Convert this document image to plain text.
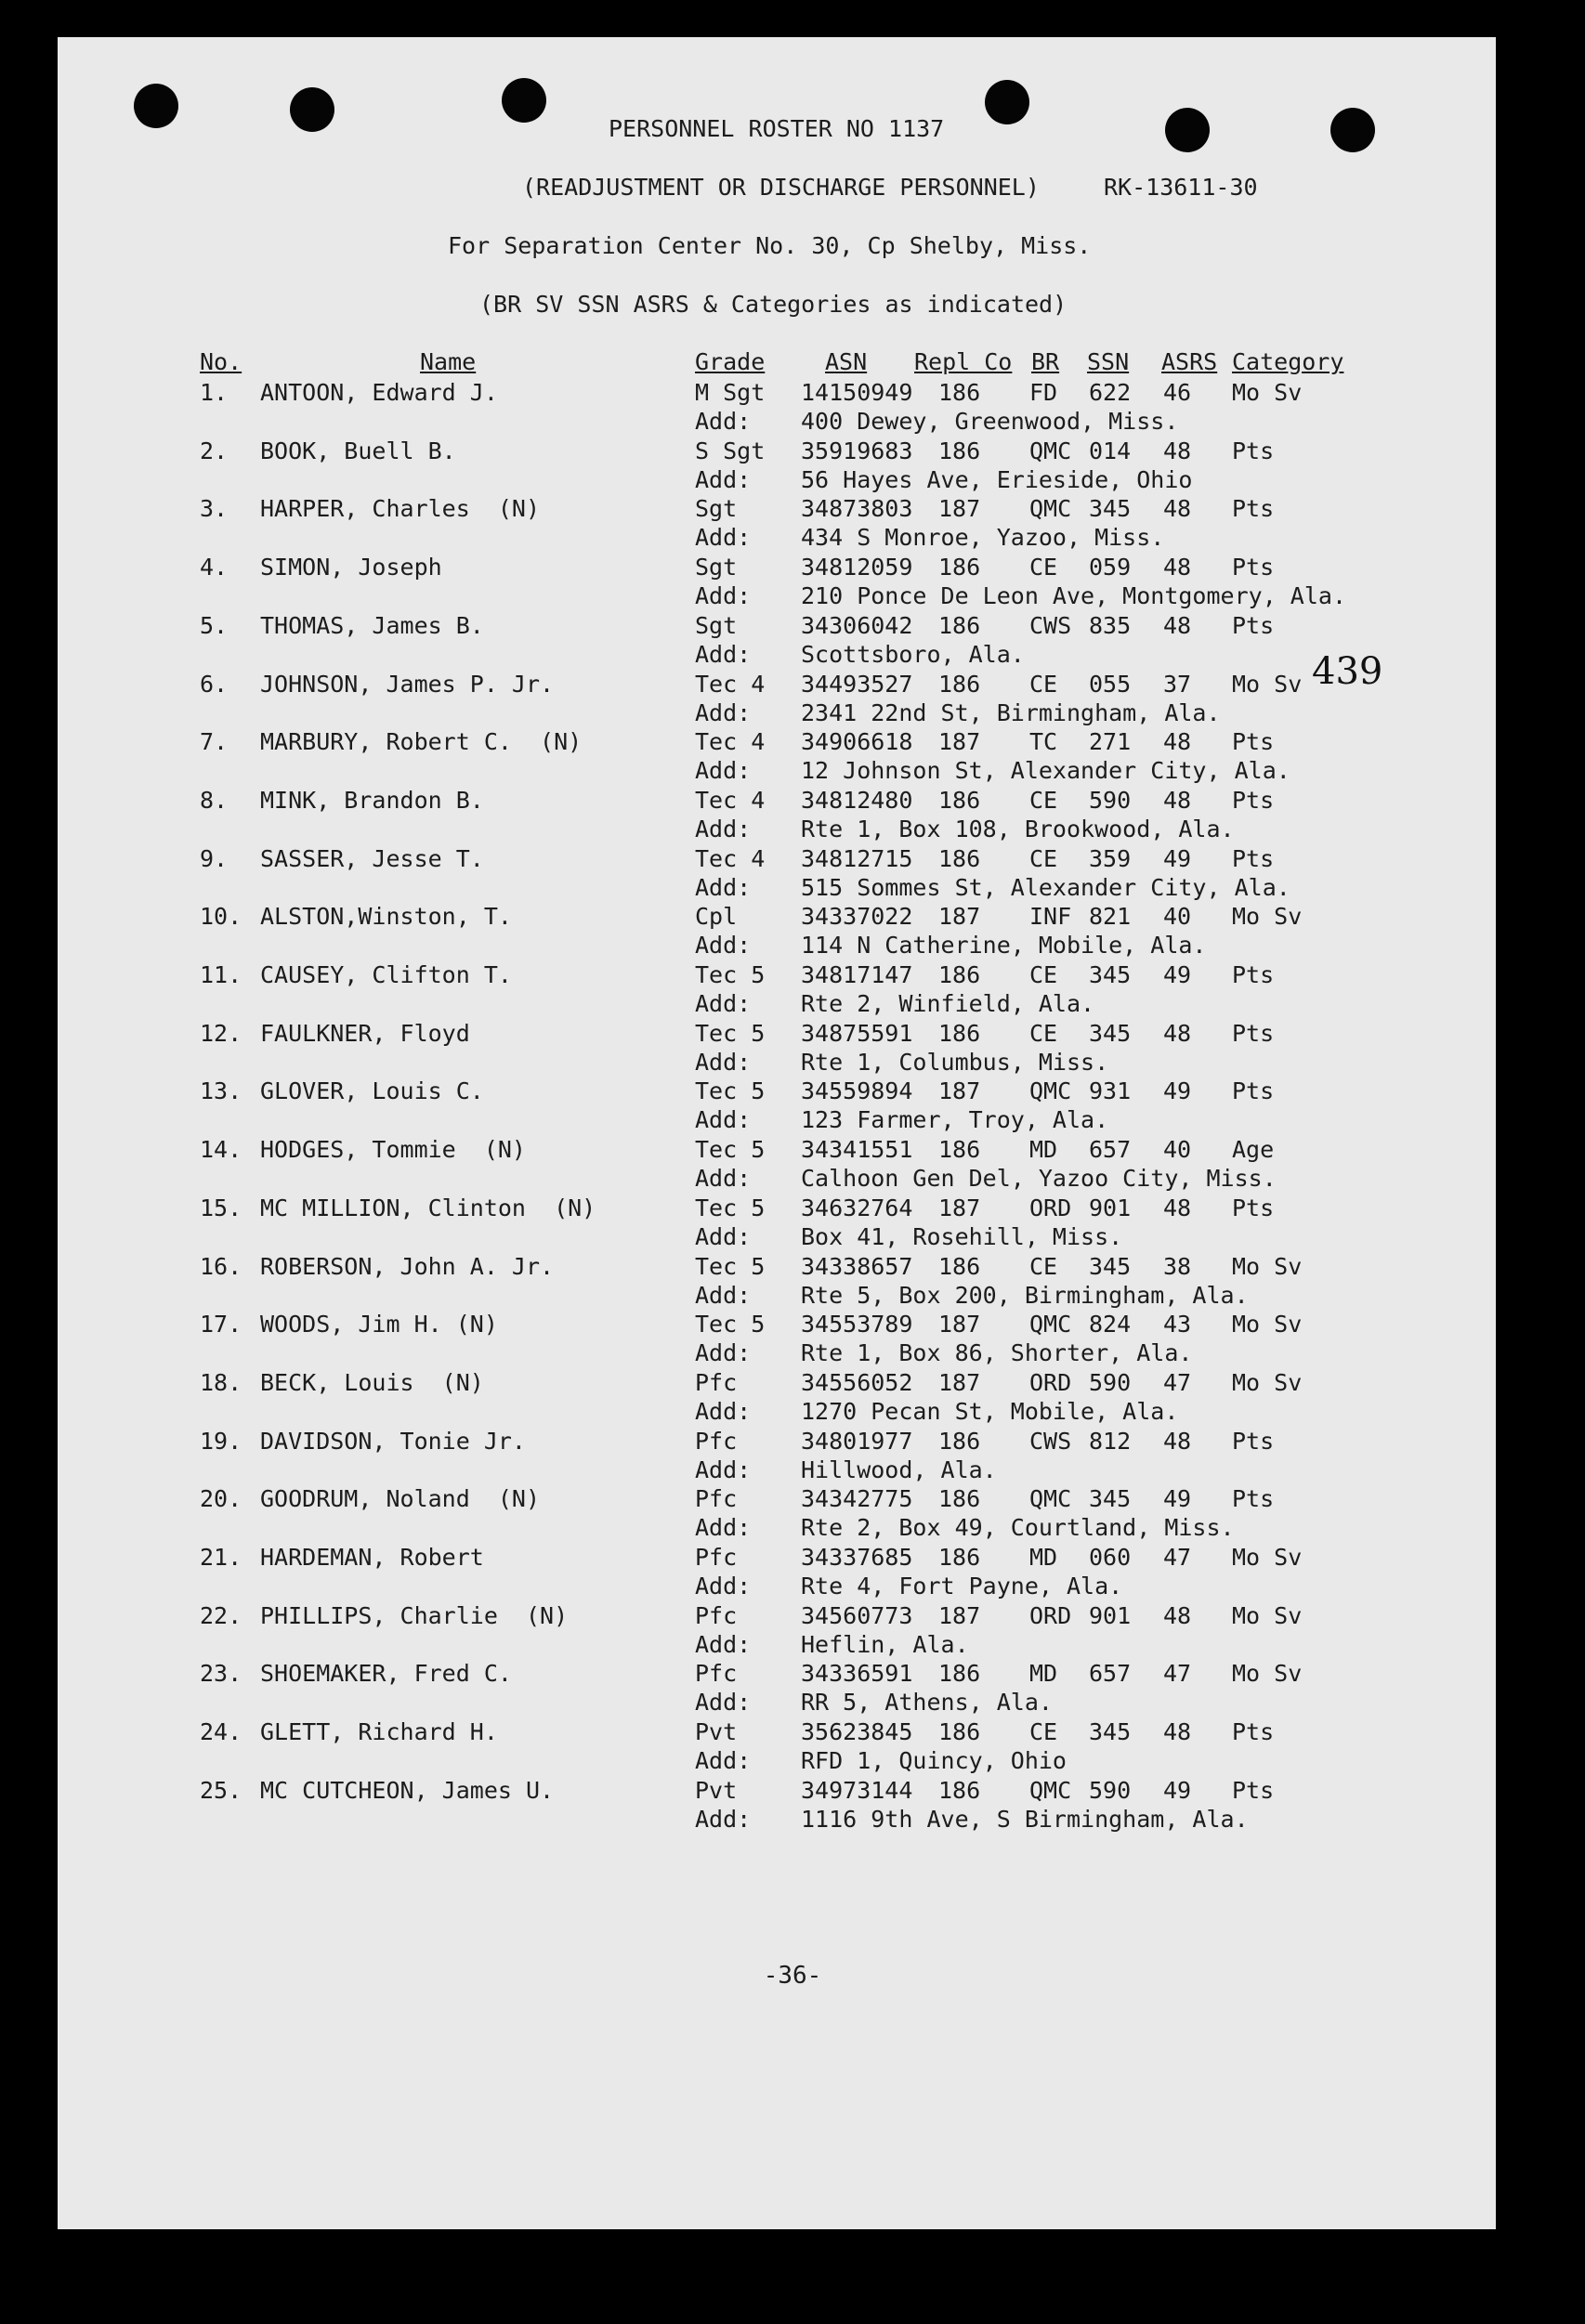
PERSONNEL ROSTER NO 1137
(READJUSTMENT OR DISCHARGE PERSONNEL)	RK-13611-30
For Separation Center No. 30, Cp Shelby, Miss.
(BR SV SSN ASRS & Categories as indicated)
No.	Name	Grade	ASN Repl Co BR SSN ASRS Category
1. ANTOON, Edward J.	M Sgt 14150949 186 FD 622 46 Mo Sv
Add: 400 Dewey, Greenwood, Miss.
2. BOOK, Buell B.	S Sgt 35919683 186 QMC 014 48 Pts
Add: 56 Hayes Ave, Erieside, Ohio
3. HARPER, Charles  (N)	Sgt	34873803 187 QMC 345 48 Pts
Add: 434 S Monroe, Yazoo, Miss.
4. SIMON, Joseph	Sgt	34812059 186 CE 059 48 Pts
Add: 210 Ponce De Leon Ave, Montgomery, Ala.
5. THOMAS, James B.	Sgt	34306042 186 CWS 835 48 Pts
Add: Scottsboro, Ala.
6. JOHNSON, James P. Jr.	Tec 4 34493527 186 CE 055 37 Mo Sv
Add: 2341 22nd St, Birmingham, Ala.
7. MARBURY, Robert C.  (N)	Tec 4 34906618 187 TC 271 48 Pts
Add: 12 Johnson St, Alexander City, Ala.
8. MINK, Brandon B.	Tec 4 34812480 186 CE 590 48 Pts
Add: Rte 1, Box 108, Brookwood, Ala.
9. SASSER, Jesse T.	Tec 4 34812715 186 CE 359 49 Pts
Add: 515 Sommes St, Alexander City, Ala.
10. ALSTON,Winston, T.	Cpl	34337022 187 INF 821 40 Mo Sv
Add: 114 N Catherine, Mobile, Ala.
11. CAUSEY, Clifton T.	Tec 5 34817147 186 CE 345 49 Pts
Add: Rte 2, Winfield, Ala.
12. FAULKNER, Floyd	Tec 5 34875591 186 CE 345 48 Pts
Add: Rte 1, Columbus, Miss.
13. GLOVER, Louis C.	Tec 5 34559894 187 QMC 931 49 Pts
Add: 123 Farmer, Troy, Ala.
14. HODGES, Tommie  (N)	Tec 5 34341551 186 MD 657 40 Age
Add: Calhoon Gen Del, Yazoo City, Miss.
15. MC MILLION, Clinton  (N)	Tec 5 34632764 187 ORD 901 48 Pts
Add: Box 41, Rosehill, Miss.
16. ROBERSON, John A. Jr.	Tec 5 34338657 186 CE 345 38 Mo Sv
Add: Rte 5, Box 200, Birmingham, Ala.
17. WOODS, Jim H. (N)	Tec 5 34553789 187 QMC 824 43 Mo Sv
Add: Rte 1, Box 86, Shorter, Ala.
18. BECK, Louis  (N)	Pfc	34556052 187 ORD 590 47 Mo Sv
Add: 1270 Pecan St, Mobile, Ala.
19. DAVIDSON, Tonie Jr.	Pfc	34801977 186 CWS 812 48 Pts
Add: Hillwood, Ala.
20. GOODRUM, Noland  (N)	Pfc	34342775 186 QMC 345 49 Pts
Add: Rte 2, Box 49, Courtland, Miss.
21. HARDEMAN, Robert	Pfc	34337685 186 MD 060 47 Mo Sv
Add: Rte 4, Fort Payne, Ala.
22. PHILLIPS, Charlie  (N)	Pfc	34560773 187 ORD 901 48 Mo Sv
Add: Heflin, Ala.
23. SHOEMAKER, Fred C.	Pfc	34336591 186 MD 657 47 Mo Sv
Add: RR 5, Athens, Ala.
24. GLETT, Richard H.	Pvt	35623845 186 CE 345 48 Pts
Add: RFD 1, Quincy, Ohio
25. MC CUTCHEON, James U.	Pvt	34973144 186 QMC 590 49 Pts
Add: 1116 9th Ave, S Birmingham, Ala.
439
-36-
